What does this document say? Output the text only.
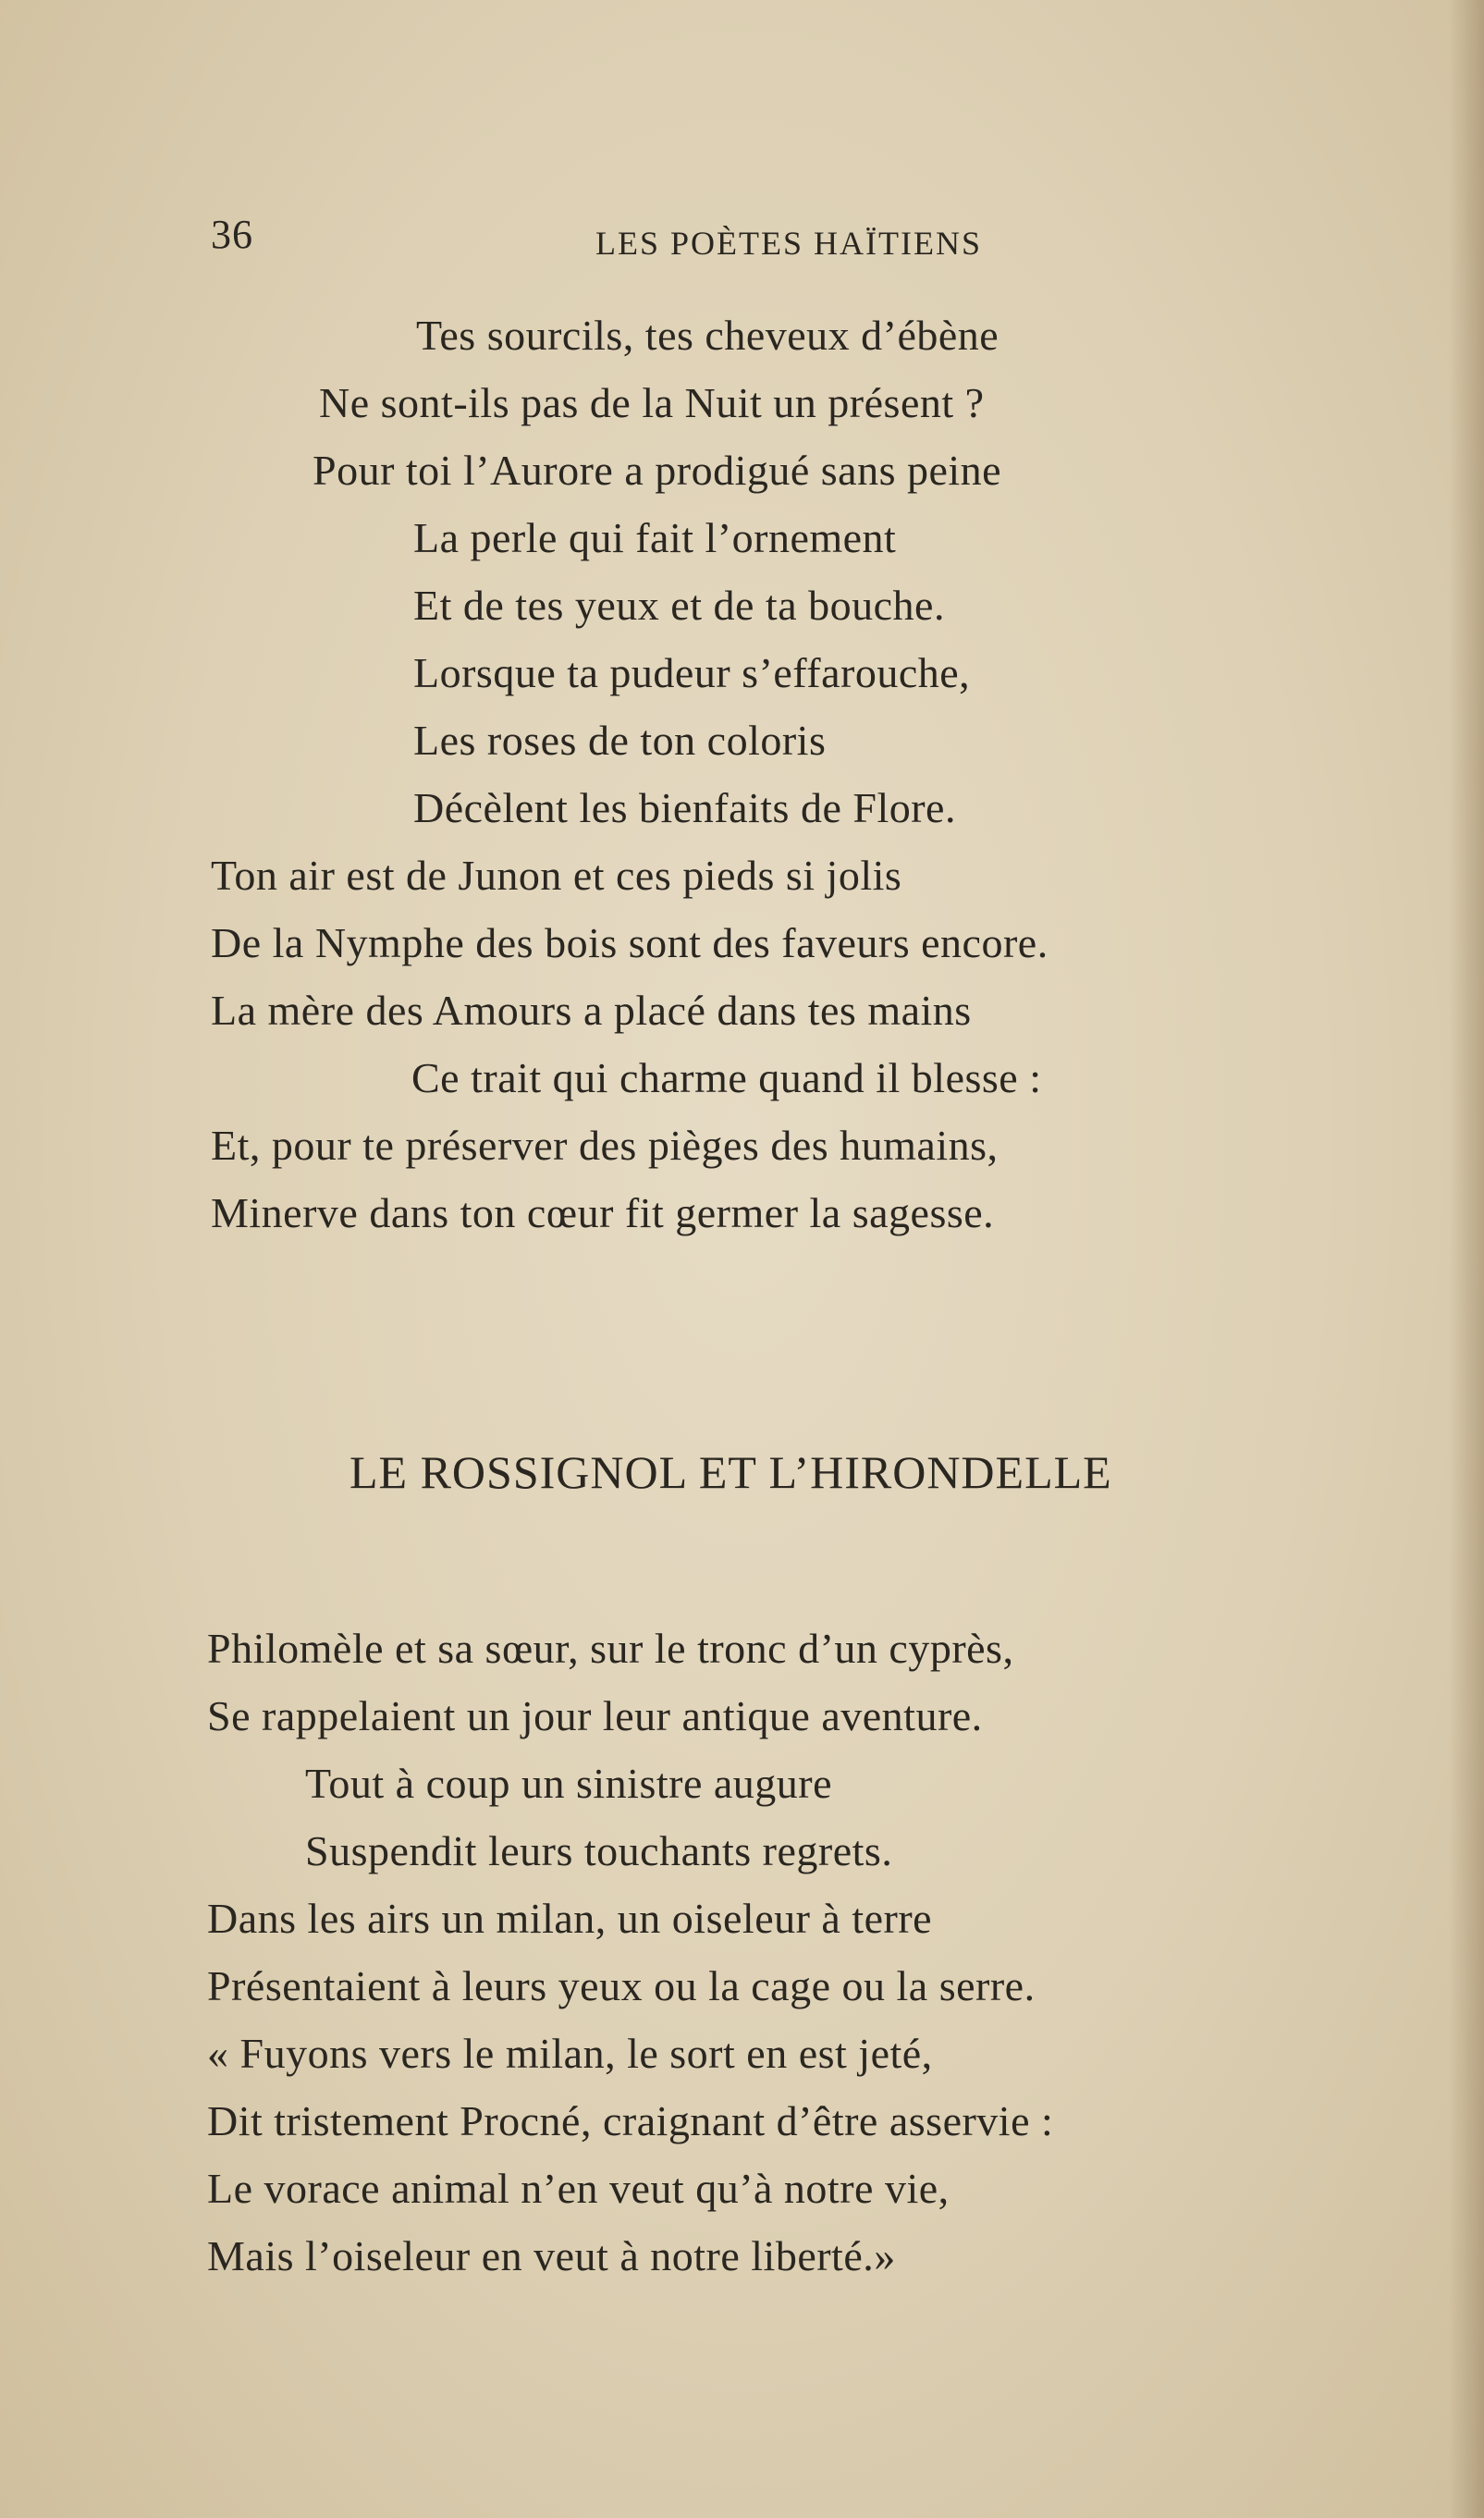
36	LES POÈTES HAÏTIENS
Tes sourcils, tes cheveux d’ébène
Ne sont-ils pas de la Nuit un présent ?
Pour toi l’Aurore a prodigué sans peine
La perle qui fait l’ornement
Et de tes yeux et de ta bouche.
Lorsque ta pudeur s’effarouche,
Les roses de ton coloris
Décèlent les bienfaits de Flore.
Ton air est de Junon et ces pieds si jolis
De la Nymphe des bois sont des faveurs encore.
La mère des Amours a placé dans tes mains
Ce trait qui charme quand il blesse :
Et, pour te préserver des pièges des humains,
Minerve dans ton cœur fit germer la sagesse.
LE ROSSIGNOL ET L’HIRONDELLE
Philomèle et sa sœur, sur le tronc d’un cyprès,
Se rappelaient un jour leur antique aventure.
Tout à coup un sinistre augure
Suspendit leurs touchants regrets.
Dans les airs un milan, un oiseleur à terre
Présentaient à leurs yeux ou la cage ou la serre.
« Fuyons vers le milan, le sort en est jeté,
Dit tristement Procné, craignant d’être asservie :
Le vorace animal n’en veut qu’à notre vie,
Mais l’oiseleur en veut à notre liberté.»
